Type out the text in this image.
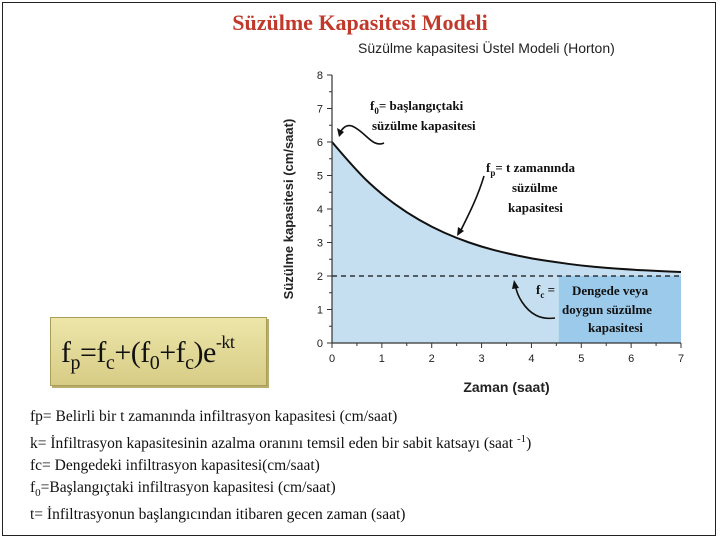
Süzülme Kapasitesi Modeli
Süzülme kapasitesi Üstel Modeli (Horton)
0
1
2
3
4
5
6
7
8
0	1	2	3	4	5	6	7
Zaman (saat)
Süzülme kapasitesi (cm/saat)
$f_0=$ başlangıçtaki
süzülme kapasitesi
$f_p= t$ zamanında
süzülme
kapasitesi
$f_c$ = Dengede veya
doygun süzülme
kapasitesi
$f_p=f_c+(f_0+f_c)e^{-kt}$
fp= Belirli bir t zamanında infiltrasyon kapasitesi (cm/saat)
k= İnfiltrasyon kapasitesinin azalma oranını temsil eden bir sabit katsayı (saat $^{-1}$)
fc= Dengedeki infiltrasyon kapasitesi(cm/saat)
$f_0=Başlangıçtaki$ infiltrasyon kapasitesi (cm/saat)
t= İnfiltrasyonun başlangıcından itibaren gecen zaman (saat)
